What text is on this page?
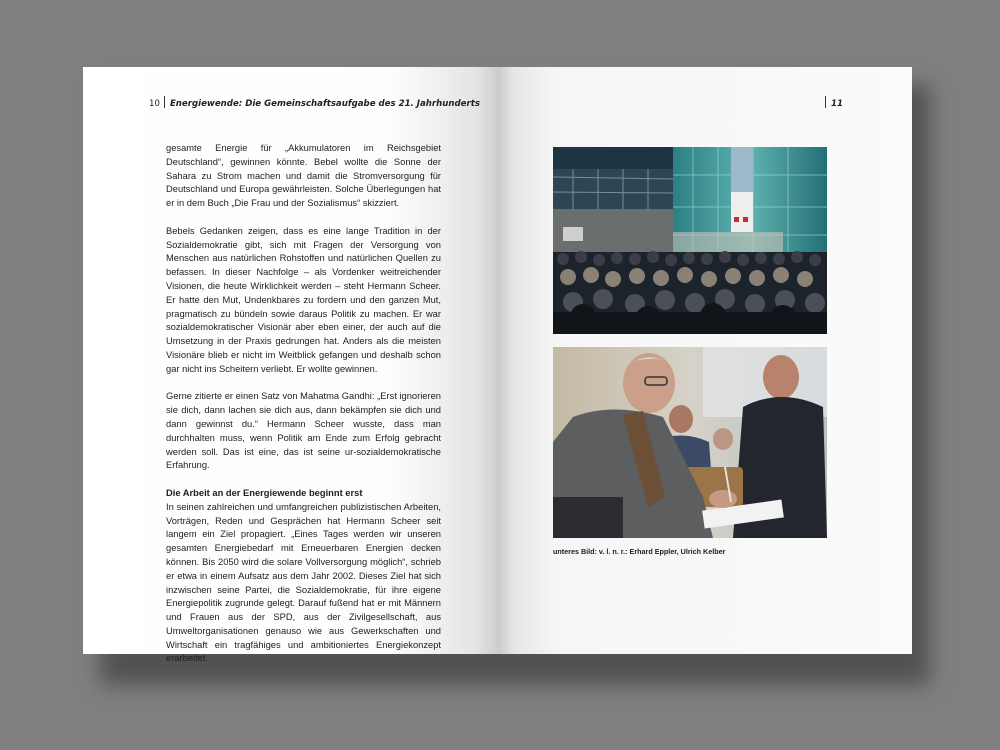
10 Energiewende: Die Gemeinschaftsaufgabe des 21. Jahrhunderts

gesamte Energie für „Akkumulatoren im Reichsgebiet Deutschland“, gewinnen könnte. Bebel wollte die Sonne der Sahara zu Strom machen und damit die Stromversorgung für Deutschland und Europa gewährleisten. Solche Überlegungen hat er in dem Buch „Die Frau und der Sozialismus“ skizziert.

Bebels Gedanken zeigen, dass es eine lange Tradition in der Sozialdemokratie gibt, sich mit Fragen der Versorgung von Menschen aus natürlichen Rohstoffen und natürlichen Quellen zu befassen. In dieser Nachfolge – als Vordenker weitreichender Visionen, die heute Wirklichkeit werden – steht Hermann Scheer. Er hatte den Mut, Undenkbares zu fordern und den ganzen Mut, pragmatisch zu bündeln sowie daraus Politik zu machen. Er war sozialdemokratischer Visionär aber eben einer, der auch auf die Umsetzung in der Praxis gedrungen hat. Anders als die meisten Visionäre blieb er nicht im Weitblick gefangen und deshalb schon gar nicht ins Scheitern verliebt. Er wollte gewinnen.

Gerne zitierte er einen Satz von Mahatma Gandhi: „Erst ignorieren sie dich, dann lachen sie dich aus, dann bekämpfen sie dich und dann gewinnst du.“ Hermann Scheer wusste, dass man durchhalten muss, wenn Politik am Ende zum Erfolg gebracht werden soll. Das ist eine, das ist seine ur-sozialdemokratische Erfahrung.

Die Arbeit an der Energiewende beginnt erst

In seinen zahlreichen und umfangreichen publizistischen Arbeiten, Vorträgen, Reden und Gesprächen hat Hermann Scheer seit langem ein Ziel propagiert. „Eines Tages werden wir unseren gesamten Energiebedarf mit Erneuerbaren Energien decken können. Bis 2050 wird die solare Vollversorgung möglich“, schrieb er etwa in einem Aufsatz aus dem Jahr 2002. Dieses Ziel hat sich inzwischen seine Partei, die Sozialdemokratie, für ihre eigene Energiepolitik zugrunde gelegt. Darauf fußend hat er mit Männern und Frauen aus der SPD, aus der Zivilgesellschaft, aus Umweltorganisationen genauso wie aus Gewerkschaften und Wirtschaft ein tragfähiges und ambitioniertes Energiekonzept erarbeitet.

11
unteres Bild: v. l. n. r.: Erhard Eppler, Ulrich Kelber
